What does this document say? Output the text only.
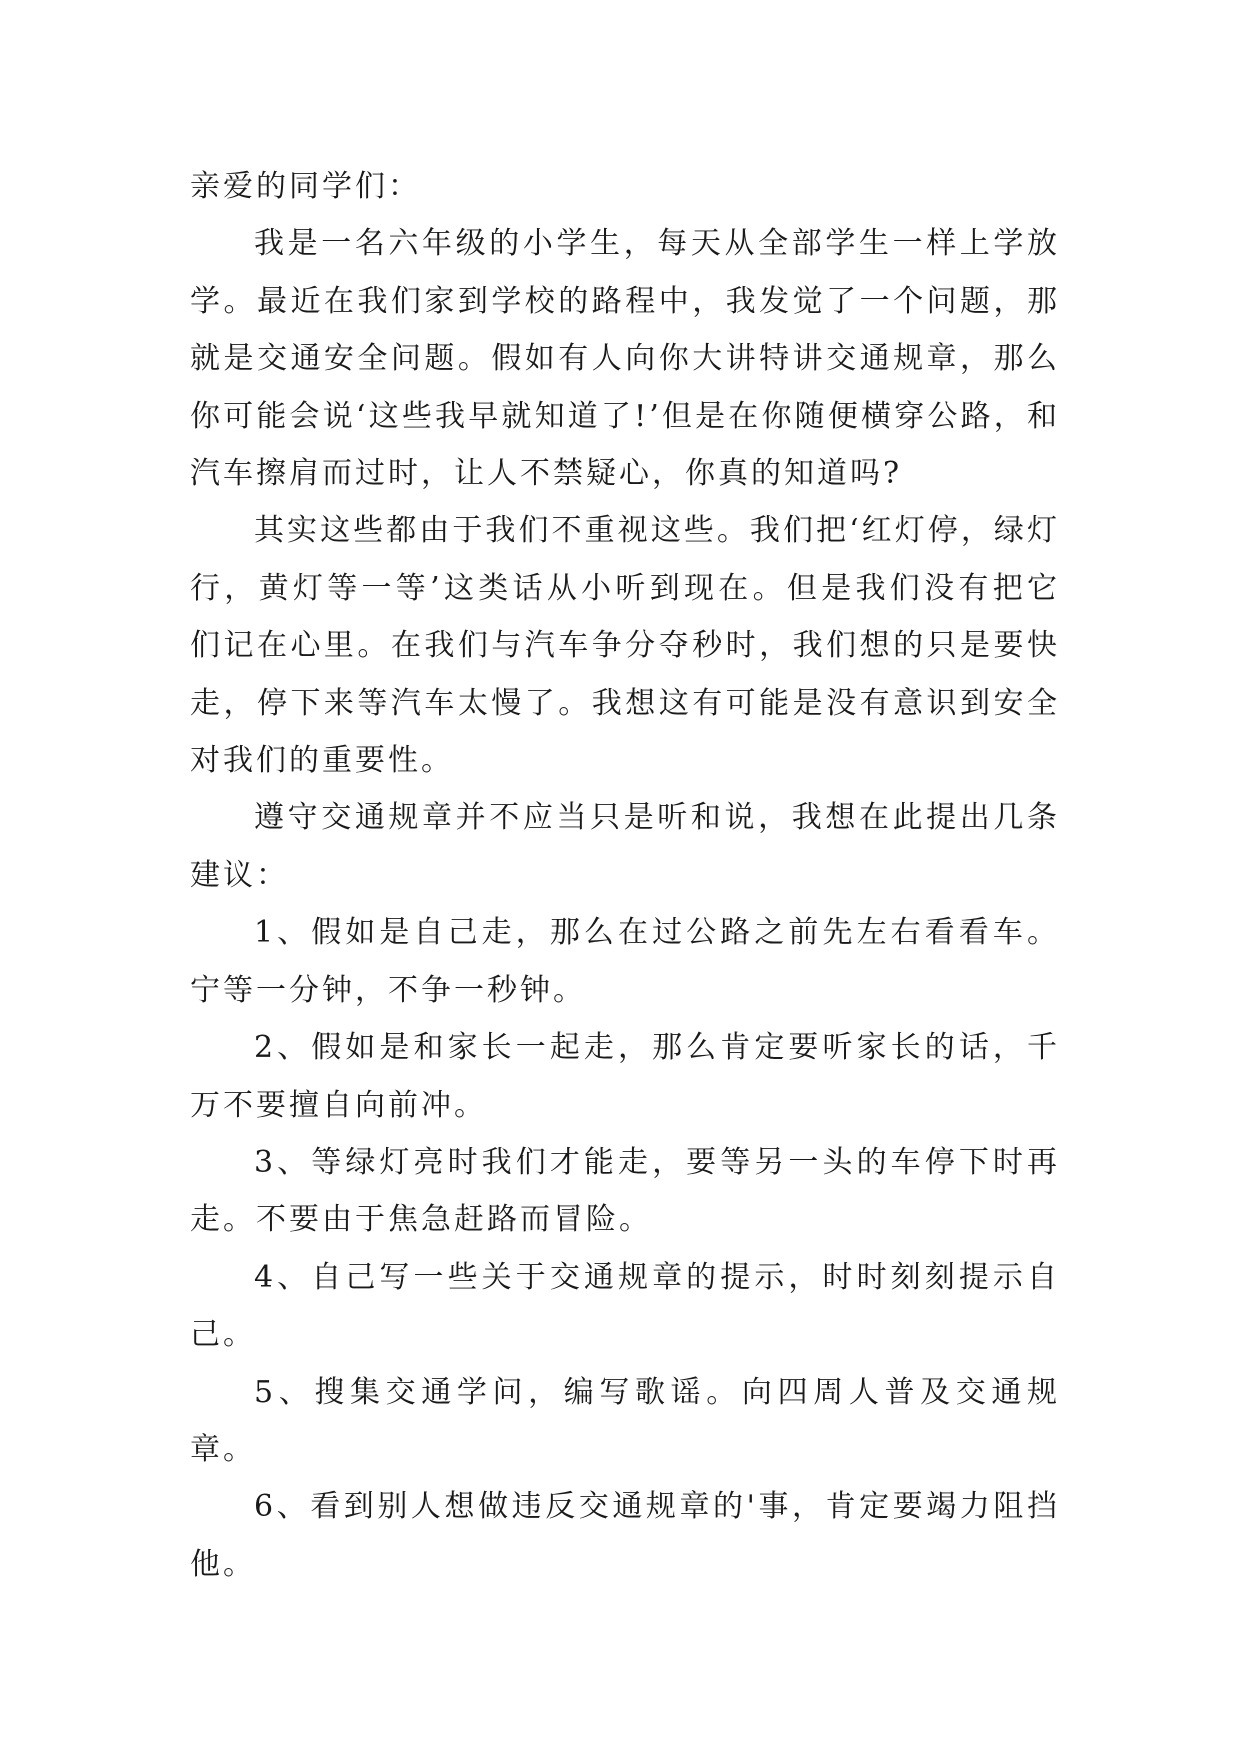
亲爱的同学们：

我是一名六年级的小学生，每天从全部学生一样上学放学。最近在我们家到学校的路程中，我发觉了一个问题，那就是交通安全问题。假如有人向你大讲特讲交通规章，那么你可能会说‘这些我早就知道了!’但是在你随便横穿公路，和汽车擦肩而过时，让人不禁疑心，你真的知道吗?

其实这些都由于我们不重视这些。我们把‘红灯停，绿灯行，黄灯等一等’这类话从小听到现在。但是我们没有把它们记在心里。在我们与汽车争分夺秒时，我们想的只是要快走，停下来等汽车太慢了。我想这有可能是没有意识到安全对我们的重要性。

遵守交通规章并不应当只是听和说，我想在此提出几条建议：

1、假如是自己走，那么在过公路之前先左右看看车。宁等一分钟，不争一秒钟。

2、假如是和家长一起走，那么肯定要听家长的话，千万不要擅自向前冲。

3、等绿灯亮时我们才能走，要等另一头的车停下时再走。不要由于焦急赶路而冒险。

4、自己写一些关于交通规章的提示，时时刻刻提示自己。

5、搜集交通学问，编写歌谣。向四周人普及交通规章。

6、看到别人想做违反交通规章的'事，肯定要竭力阻挡他。
